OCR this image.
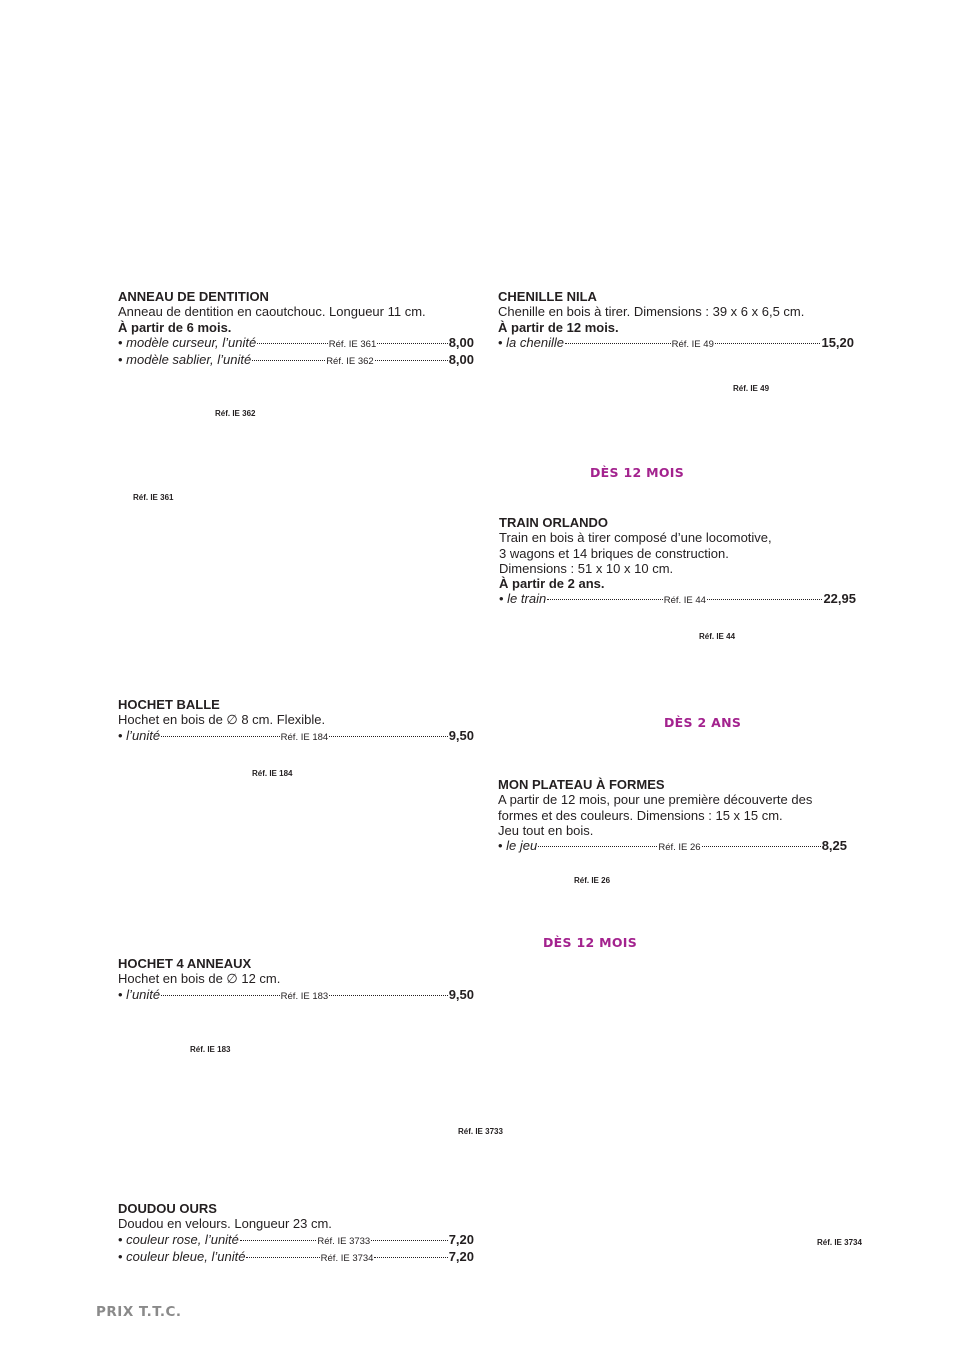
ANNEAU DE DENTITION
Anneau de dentition en caoutchouc. Longueur 11 cm.
À partir de 6 mois.
• modèle curseur, l’unité	Réf. IE 361	8,00
• modèle sablier, l’unité	Réf. IE 362	8,00
CHENILLE NILA
Chenille en bois à tirer. Dimensions : 39 x 6 x 6,5 cm.
À partir de 12 mois.
• la chenille	Réf. IE 49	15,20
Réf. IE 49
Réf. IE 362
DÈS 12 MOIS
Réf. IE 361
TRAIN ORLANDO
Train en bois à tirer composé d’une locomotive,
3 wagons et 14 briques de construction.
Dimensions : 51 x 10 x 10 cm.
À partir de 2 ans.
• le train	Réf. IE 44	22,95
Réf. IE 44
HOCHET BALLE
Hochet en bois de ∅ 8 cm. Flexible.
• l’unité	Réf. IE 184	9,50
DÈS 2 ANS
Réf. IE 184
MON PLATEAU À FORMES
A partir de 12 mois, pour une première découverte des
formes et des couleurs. Dimensions : 15 x 15 cm.
Jeu tout en bois.
• le jeu	Réf. IE 26	8,25
Réf. IE 26
DÈS 12 MOIS
HOCHET 4 ANNEAUX
Hochet en bois de ∅ 12 cm.
• l’unité	Réf. IE 183	9,50
Réf. IE 183
Réf. IE 3733
DOUDOU OURS
Doudou en velours. Longueur 23 cm.
• couleur rose, l’unité	Réf. IE 3733	7,20
• couleur bleue, l’unité	Réf. IE 3734	7,20
Réf. IE 3734
PRIX T.T.C.
